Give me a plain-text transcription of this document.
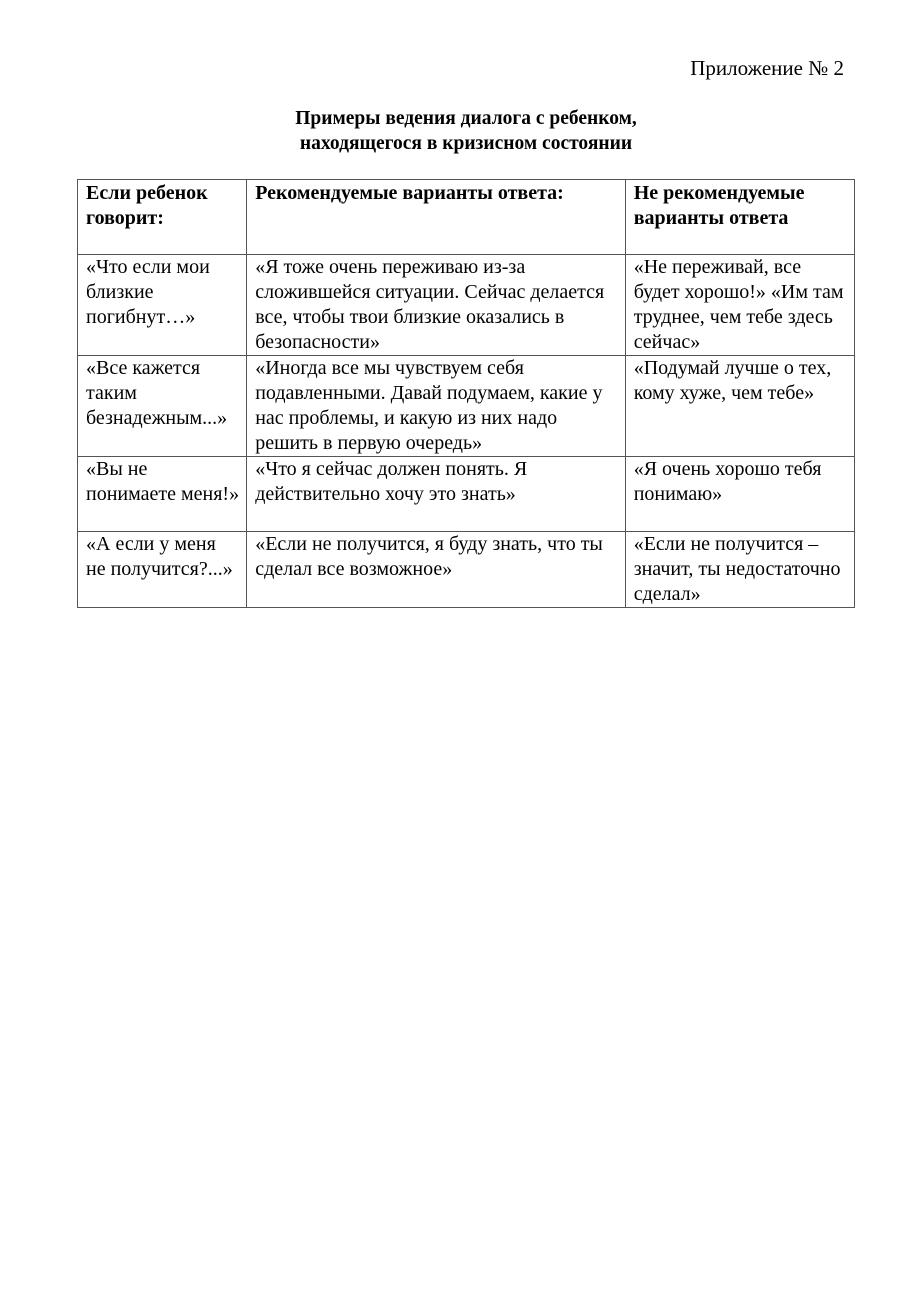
Приложение № 2
Примеры ведения диалога с ребенком,
находящегося в кризисном состоянии
Если ребенок говорит:	Рекомендуемые варианты ответа:	Не рекомендуемые варианты ответа
«Что если мои близкие погибнут…»	«Я тоже очень переживаю из-за сложившейся ситуации. Сейчас делается все, чтобы твои близкие оказались в безопасности»	«Не переживай, все будет хорошо!» «Им там труднее, чем тебе здесь сейчас»
«Все кажется таким безнадежным...»	«Иногда все мы чувствуем себя подавленными. Давай подумаем, какие у нас проблемы, и какую из них надо решить в первую очередь»	«Подумай лучше о тех, кому хуже, чем тебе»
«Вы не понимаете меня!»	«Что я сейчас должен понять. Я действительно хочу это знать»	«Я очень хорошо тебя понимаю»
«А если у меня не получится?...»	«Если не получится, я буду знать, что ты сделал все возможное»	«Если не получится – значит, ты недостаточно сделал»
